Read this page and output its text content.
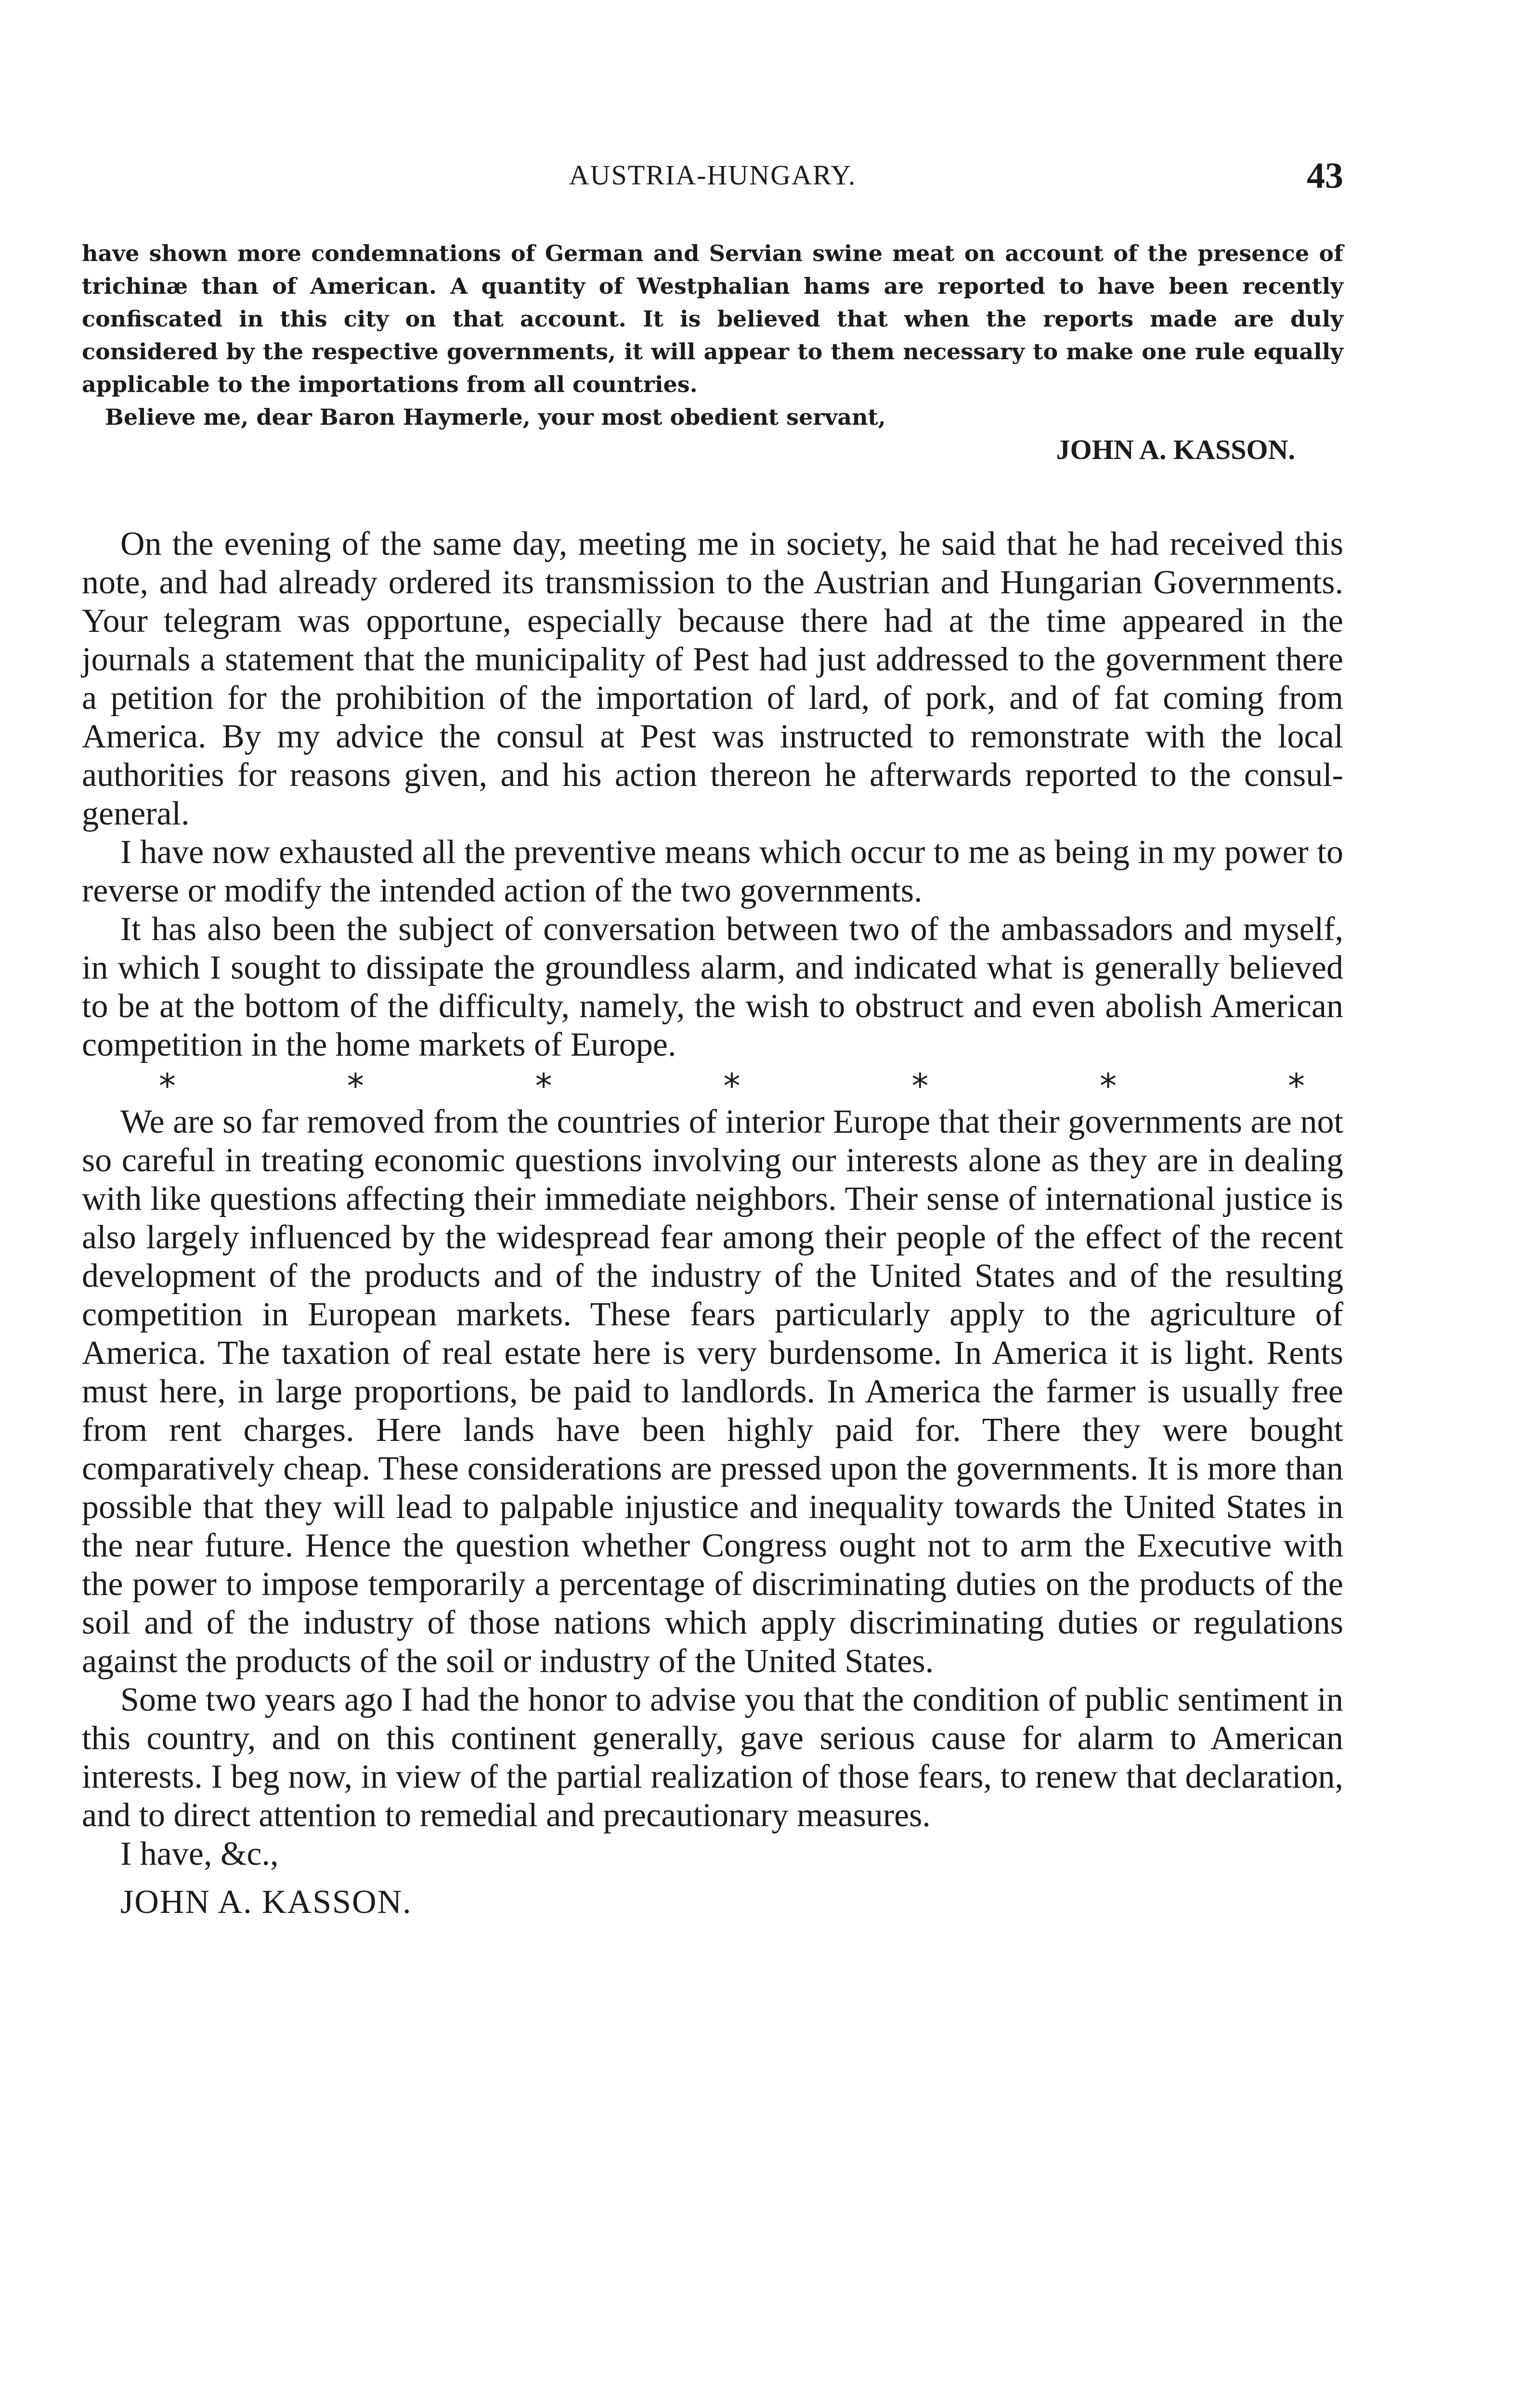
AUSTRIA-HUNGARY.	43

have shown more condemnations of German and Servian swine meat on account of the presence of trichinæ than of American. A quantity of Westphalian hams are reported to have been recently confiscated in this city on that account. It is believed that when the reports made are duly considered by the respective governments, it will appear to them necessary to make one rule equally applicable to the importations from all countries.

Believe me, dear Baron Haymerle, your most obedient servant,

JOHN A. KASSON.

On the evening of the same day, meeting me in society, he said that he had received this note, and had already ordered its transmission to the Austrian and Hungarian Governments. Your telegram was opportune, especially because there had at the time appeared in the journals a statement that the municipality of Pest had just addressed to the government there a petition for the prohibition of the importation of lard, of pork, and of fat coming from America. By my advice the consul at Pest was instructed to remonstrate with the local authorities for reasons given, and his action thereon he afterwards reported to the consul-general.

I have now exhausted all the preventive means which occur to me as being in my power to reverse or modify the intended action of the two governments.

It has also been the subject of conversation between two of the ambassadors and myself, in which I sought to dissipate the groundless alarm, and indicated what is generally believed to be at the bottom of the difficulty, namely, the wish to obstruct and even abolish American competition in the home markets of Europe.

*	*	*	*	*	*	*

We are so far removed from the countries of interior Europe that their governments are not so careful in treating economic questions involving our interests alone as they are in dealing with like questions affecting their immediate neighbors. Their sense of international justice is also largely influenced by the widespread fear among their people of the effect of the recent development of the products and of the industry of the United States and of the resulting competition in European markets. These fears particularly apply to the agriculture of America. The taxation of real estate here is very burdensome. In America it is light. Rents must here, in large proportions, be paid to landlords. In America the farmer is usually free from rent charges. Here lands have been highly paid for. There they were bought comparatively cheap. These considerations are pressed upon the governments. It is more than possible that they will lead to palpable injustice and inequality towards the United States in the near future. Hence the question whether Congress ought not to arm the Executive with the power to impose temporarily a percentage of discriminating duties on the products of the soil and of the industry of those nations which apply discriminating duties or regulations against the products of the soil or industry of the United States.

Some two years ago I had the honor to advise you that the condition of public sentiment in this country, and on this continent generally, gave serious cause for alarm to American interests. I beg now, in view of the partial realization of those fears, to renew that declaration, and to direct attention to remedial and precautionary measures.

I have, &c.,

JOHN A. KASSON.
